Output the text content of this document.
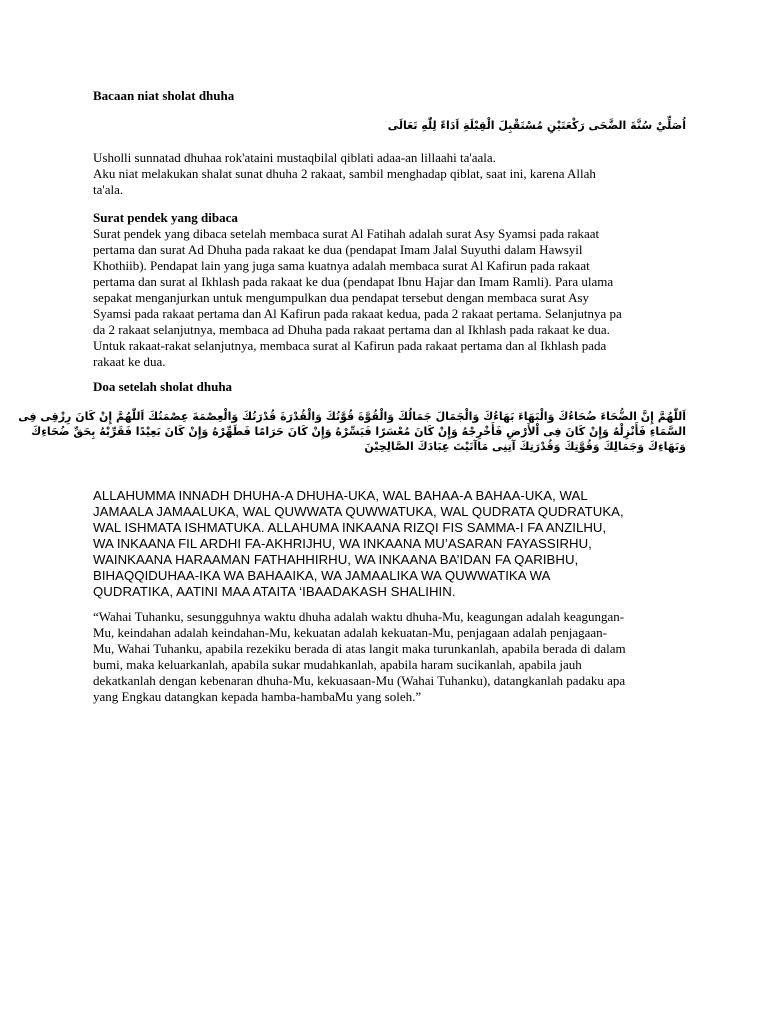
Bacaan niat sholat dhuha
اُصَلِّيْ سُنَّةَ الضَّحَى رَكْعَتَيْنِ مُسْتَقْبِلَ الْقِبْلَةِ اَدَاءً لِلّٰهِ تَعَالَى
Usholli sunnatad dhuhaa rok'ataini mustaqbilal qiblati adaa-an lillaahi ta'aala.
Aku niat melakukan shalat sunat dhuha 2 rakaat, sambil menghadap qiblat, saat ini, karena Allah
ta'ala.
Surat pendek yang dibaca
Surat pendek yang dibaca setelah membaca surat Al Fatihah adalah surat Asy Syamsi pada rakaat
pertama dan surat Ad Dhuha pada rakaat ke dua (pendapat Imam Jalal Suyuthi dalam Hawsyil
Khothiib). Pendapat lain yang juga sama kuatnya adalah membaca surat Al Kafirun pada rakaat
pertama dan surat al Ikhlash pada rakaat ke dua (pendapat Ibnu Hajar dan Imam Ramli). Para ulama
sepakat menganjurkan untuk mengumpulkan dua pendapat tersebut dengan membaca surat Asy
Syamsi pada rakaat pertama dan Al Kafirun pada rakaat kedua, pada 2 rakaat pertama. Selanjutnya pa
da 2 rakaat selanjutnya, membaca ad Dhuha pada rakaat pertama dan al Ikhlash pada rakaat ke dua.
Untuk rakaat-rakat selanjutnya, membaca surat al Kafirun pada rakaat pertama dan al Ikhlash pada
rakaat ke dua.
Doa setelah sholat dhuha
اَللّٰهُمَّ إِنَّ الضُّحَاءَ ضُحَاءُكَ وَالْبَهَاءَ بَهَاءُكَ وَالْجَمَالَ جَمَالُكَ وَالْقُوَّةَ قُوَّتُكَ وَالْقُدْرَةَ قُدْرَتُكَ وَالْعِصْمَةَ عِصْمَتُكَ اَللّٰهُمَّ إِنْ كَانَ رِزْقِى فِى
السَّمَاءِ فَأَنْزِلْهُ وَإِنْ كَانَ فِى اْلأَرْضِ فَأَخْرِجْهُ وَإِنْ كَانَ مُعْسَرًا فَيَسِّرْهُ وَإِنْ كَانَ حَرَامًا فَطَهِّرْهُ وَإِنْ كَانَ بَعِيْدًا فَقَرِّبْهُ بِحَقِّ ضُحَاءِكَ
وَبَهَاءِكَ وَجَمَالِكَ وَقُوَّتِكَ وَقُدْرَتِكَ آتِنِى مَاآتَيْتَ عِبَادَكَ الصَّالِحِيْنَ
ALLAHUMMA INNADH DHUHA-A DHUHA-UKA, WAL BAHAA-A BAHAA-UKA, WAL
JAMAALA JAMAALUKA, WAL QUWWATA QUWWATUKA, WAL QUDRATA QUDRATUKA,
WAL ISHMATA ISHMATUKA. ALLAHUMA INKAANA RIZQI FIS SAMMA-I FA ANZILHU,
WA INKAANA FIL ARDHI FA-AKHRIJHU, WA INKAANA MU’ASARAN FAYASSIRHU,
WAINKAANA HARAAMAN FATHAHHIRHU, WA INKAANA BA’IDAN FA QARIBHU,
BIHAQQIDUHAA-IKA WA BAHAAIKA, WA JAMAALIKA WA QUWWATIKA WA
QUDRATIKA, AATINI MAA ATAITA ‘IBAADAKASH SHALIHIN.
“Wahai Tuhanku, sesungguhnya waktu dhuha adalah waktu dhuha-Mu, keagungan adalah keagungan-
Mu, keindahan adalah keindahan-Mu, kekuatan adalah kekuatan-Mu, penjagaan adalah penjagaan-
Mu, Wahai Tuhanku, apabila rezekiku berada di atas langit maka turunkanlah, apabila berada di dalam
bumi, maka keluarkanlah, apabila sukar mudahkanlah, apabila haram sucikanlah, apabila jauh
dekatkanlah dengan kebenaran dhuha-Mu, kekuasaan-Mu (Wahai Tuhanku), datangkanlah padaku apa
yang Engkau datangkan kepada hamba-hambaMu yang soleh.”
